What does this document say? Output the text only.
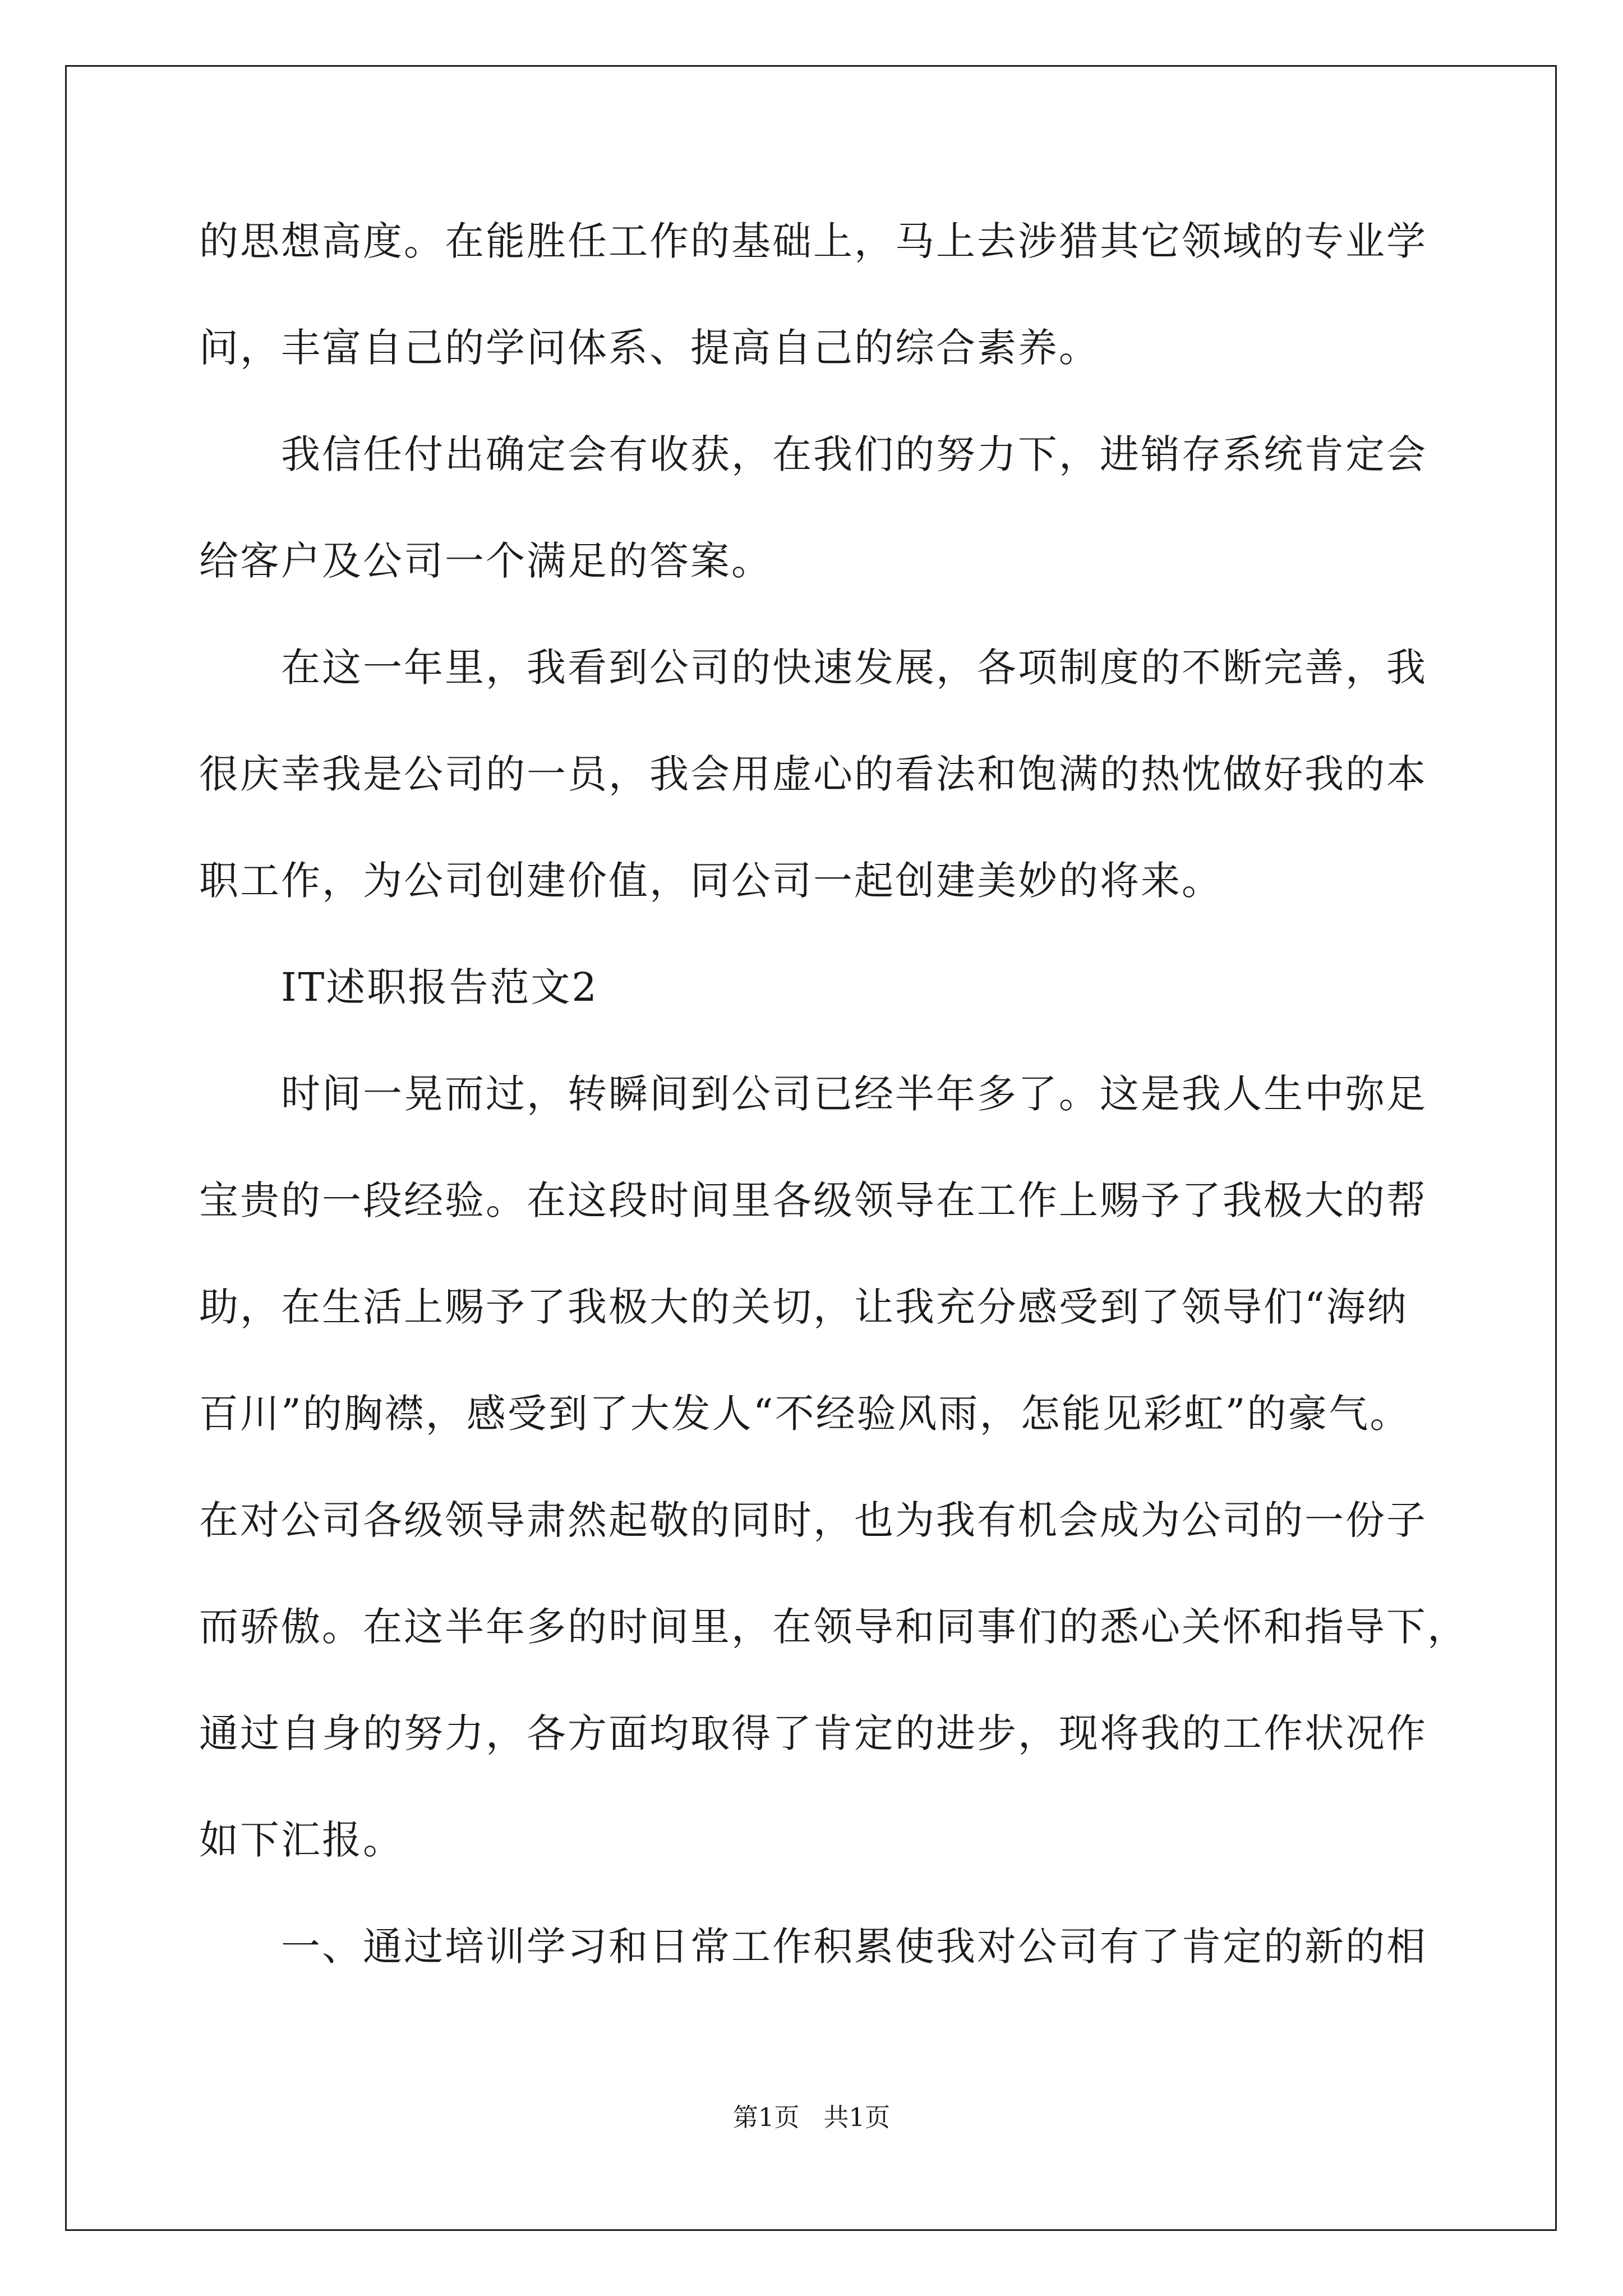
的思想高度。在能胜任工作的基础上，马上去涉猎其它领域的专业学
问，丰富自己的学问体系、提高自己的综合素养。
我信任付出确定会有收获，在我们的努力下，进销存系统肯定会
给客户及公司一个满足的答案。
在这一年里，我看到公司的快速发展，各项制度的不断完善，我
很庆幸我是公司的一员，我会用虚心的看法和饱满的热忱做好我的本
职工作，为公司创建价值，同公司一起创建美妙的将来。
IT述职报告范文2
时间一晃而过，转瞬间到公司已经半年多了。这是我人生中弥足
宝贵的一段经验。在这段时间里各级领导在工作上赐予了我极大的帮
助，在生活上赐予了我极大的关切，让我充分感受到了领导们“海纳
百川”的胸襟，感受到了大发人“不经验风雨，怎能见彩虹”的豪气。
在对公司各级领导肃然起敬的同时，也为我有机会成为公司的一份子
而骄傲。在这半年多的时间里，在领导和同事们的悉心关怀和指导下，
通过自身的努力，各方面均取得了肯定的进步，现将我的工作状况作
如下汇报。
一、通过培训学习和日常工作积累使我对公司有了肯定的新的相
第1页   共1页
